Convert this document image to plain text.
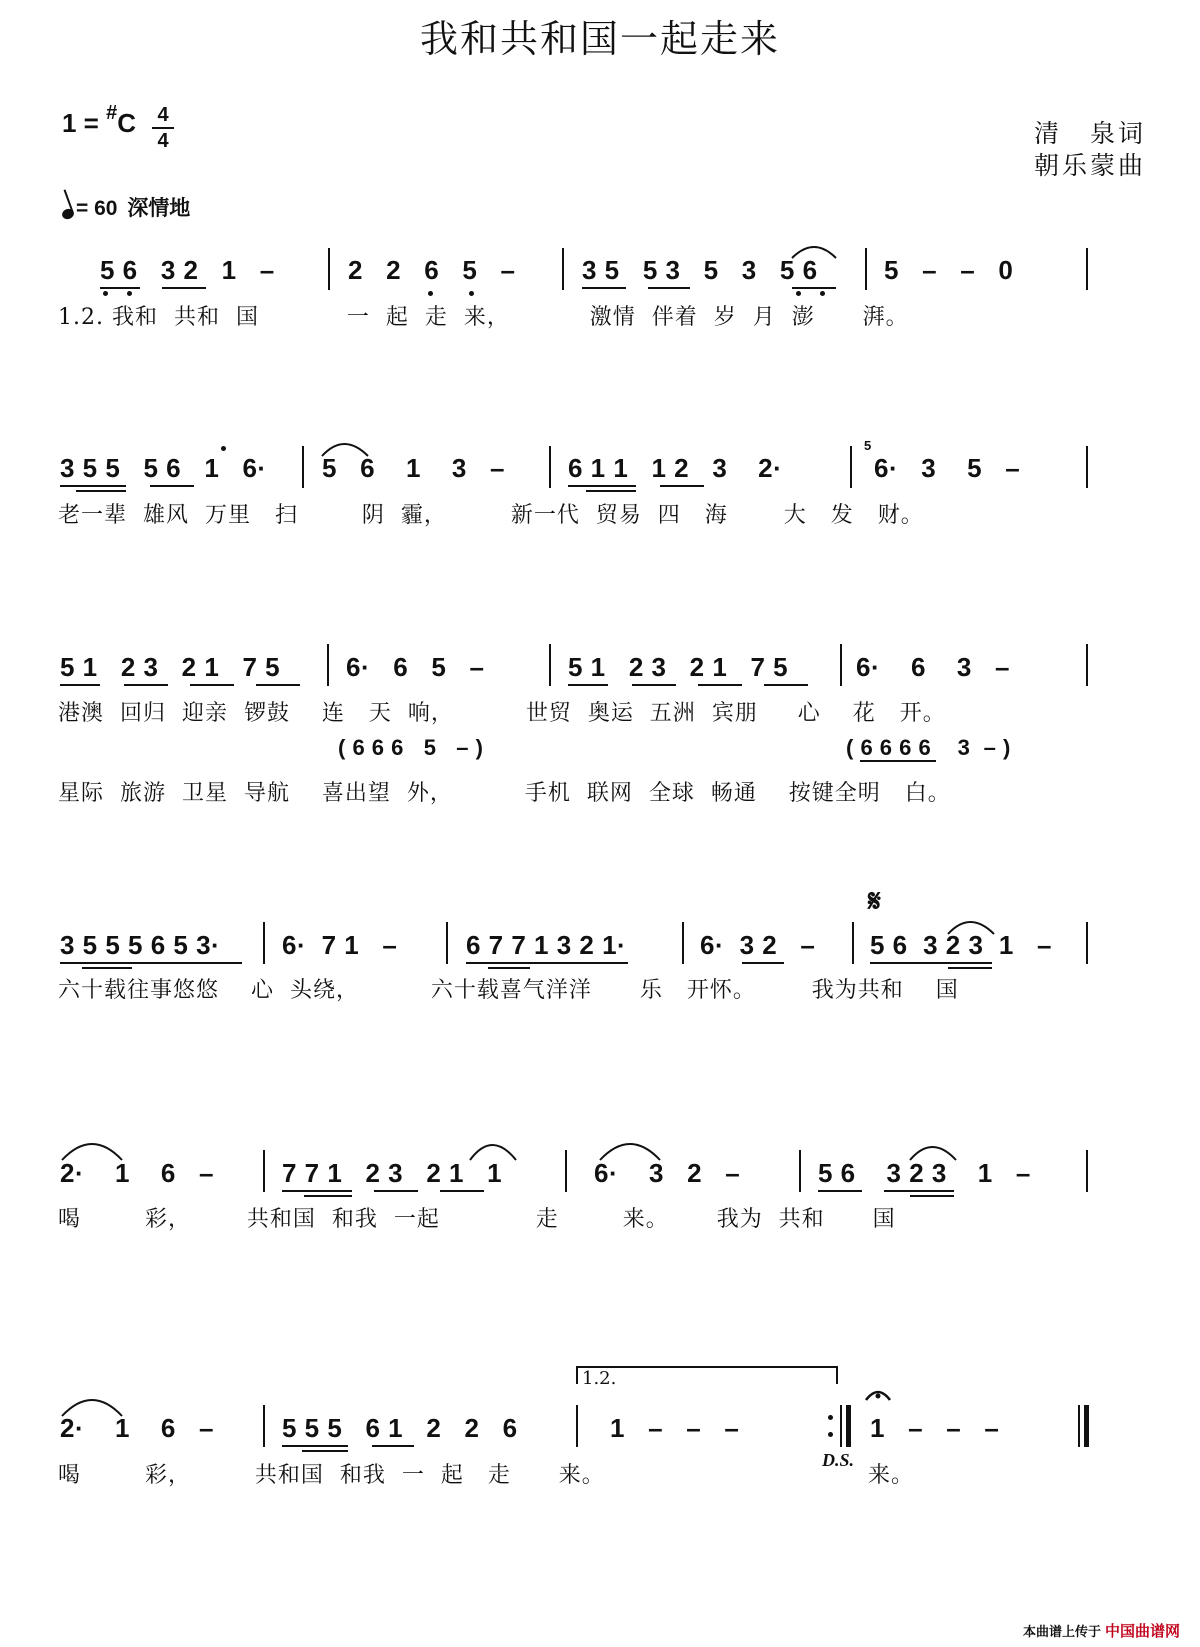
我和共和国一起走来
1 = #C 4
4	清　泉词
朝乐蒙曲
= 60 深情地
5 6   3 2   1   –	2   2   6   5   –	3 5   5 3   5   3   5 6	5   –   –   0
1.2. 我和  共和  国           一  起  走  来，          激情  伴着  岁  月  澎      湃。
3 5 5   5 6   1   6· 5   6    1    3   – 6 1 1   1 2   3    2·	6·   3    5   –
5
老一辈  雄风  万里   扫        阴  霾，        新一代  贸易  四   海       大   发   财。
5 1   2 3   2 1   7 5	6·   6   5   –	5 1   2 3   2 1   7 5	6·    6    3   –
港澳  回归  迎亲  锣鼓    连   天  响，         世贸  奥运  五洲  宾朋     心    花   开。
( 6 6 6   5   – )	( 6 6 6 6    3  – )
星际  旅游  卫星  导航    喜出望  外，         手机  联网  全球  畅通    按键全明   白。
𝄋
3 5 5 5 6 5 3· 6·  7 1   –	6 7 7 1 3 2 1·	6·  3 2   – 5 6  3 2 3  1   –
六十载往事悠悠    心  头绕，         六十载喜气洋洋      乐   开怀。       我为共和    国
2·    1    6   –	7 7 1   2 3   2 1   1	6·    3   2   –	5 6    3 2 3    1   –
喝        彩，       共和国  和我  一起            走        来。      我为  共和      国
1.2.
2·    1    6   –	5 5 5   6 1   2   2   6	1   –   –   –	1   –   –   –
喝        彩，        共和国  和我  一  起   走      来。	来。
D.S.
本曲谱上传于 中国曲谱网
